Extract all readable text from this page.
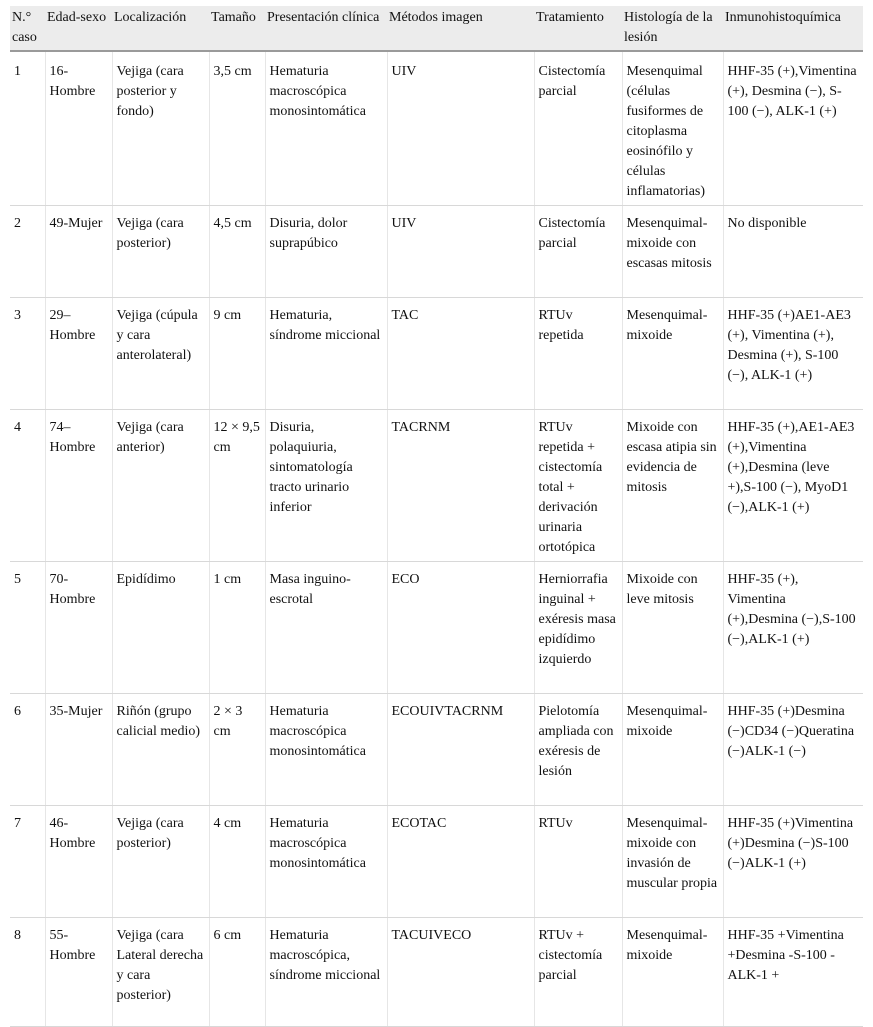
N.° caso	Edad-sexo	Localización	Tamaño	Presentación clínica	Métodos imagen	Tratamiento	Histología de la lesión	Inmunohistoquímica
1	16-Hombre	Vejiga (cara posterior y fondo)	3,5 cm	Hematuria macroscópica monosintomática	UIV	Cistectomía parcial	Mesenquimal (células fusiformes de citoplasma eosinófilo y células inflamatorias)	HHF-35 (+),Vimentina (+), Desmina (−), S-100 (−), ALK-1 (+)
2	49-Mujer	Vejiga (cara posterior)	4,5 cm	Disuria, dolor suprapúbico	UIV	Cistectomía parcial	Mesenquimal-mixoide con escasas mitosis	No disponible
3	29–Hombre	Vejiga (cúpula y cara anterolateral)	9 cm	Hematuria, síndrome miccional	TAC	RTUv repetida	Mesenquimal-mixoide	HHF-35 (+)AE1-AE3 (+), Vimentina (+), Desmina (+), S-100 (−), ALK-1 (+)
4	74–Hombre	Vejiga (cara anterior)	12 × 9,5 cm	Disuria, polaquiuria, sintomatología tracto urinario inferior	TACRNM	RTUv repetida + cistectomía total + derivación urinaria ortotópica	Mixoide con escasa atipia sin evidencia de mitosis	HHF-35 (+),AE1-AE3 (+),Vimentina (+),Desmina (leve +),S-100 (−), MyoD1 (−),ALK-1 (+)
5	70-Hombre	Epidídimo	1 cm	Masa inguino-escrotal	ECO	Herniorrafia inguinal + exéresis masa epidídimo izquierdo	Mixoide con leve mitosis	HHF-35 (+), Vimentina (+),Desmina (−),S-100 (−),ALK-1 (+)
6	35-Mujer	Riñón (grupo calicial medio)	2 × 3 cm	Hematuria macroscópica monosintomática	ECOUIVTACRNM	Pielotomía ampliada con exéresis de lesión	Mesenquimal-mixoide	HHF-35 (+)Desmina (−)CD34 (−)Queratina (−)ALK-1 (−)
7	46-Hombre	Vejiga (cara posterior)	4 cm	Hematuria macroscópica monosintomática	ECOTAC	RTUv	Mesenquimal-mixoide con invasión de muscular propia	HHF-35 (+)Vimentina (+)Desmina (−)S-100 (−)ALK-1 (+)
8	55-Hombre	Vejiga (cara Lateral derecha y cara posterior)	6 cm	Hematuria macroscópica, síndrome miccional	TACUIVECO	RTUv + cistectomía parcial	Mesenquimal-mixoide	HHF-35 +Vimentina +Desmina -S-100 -ALK-1 +
